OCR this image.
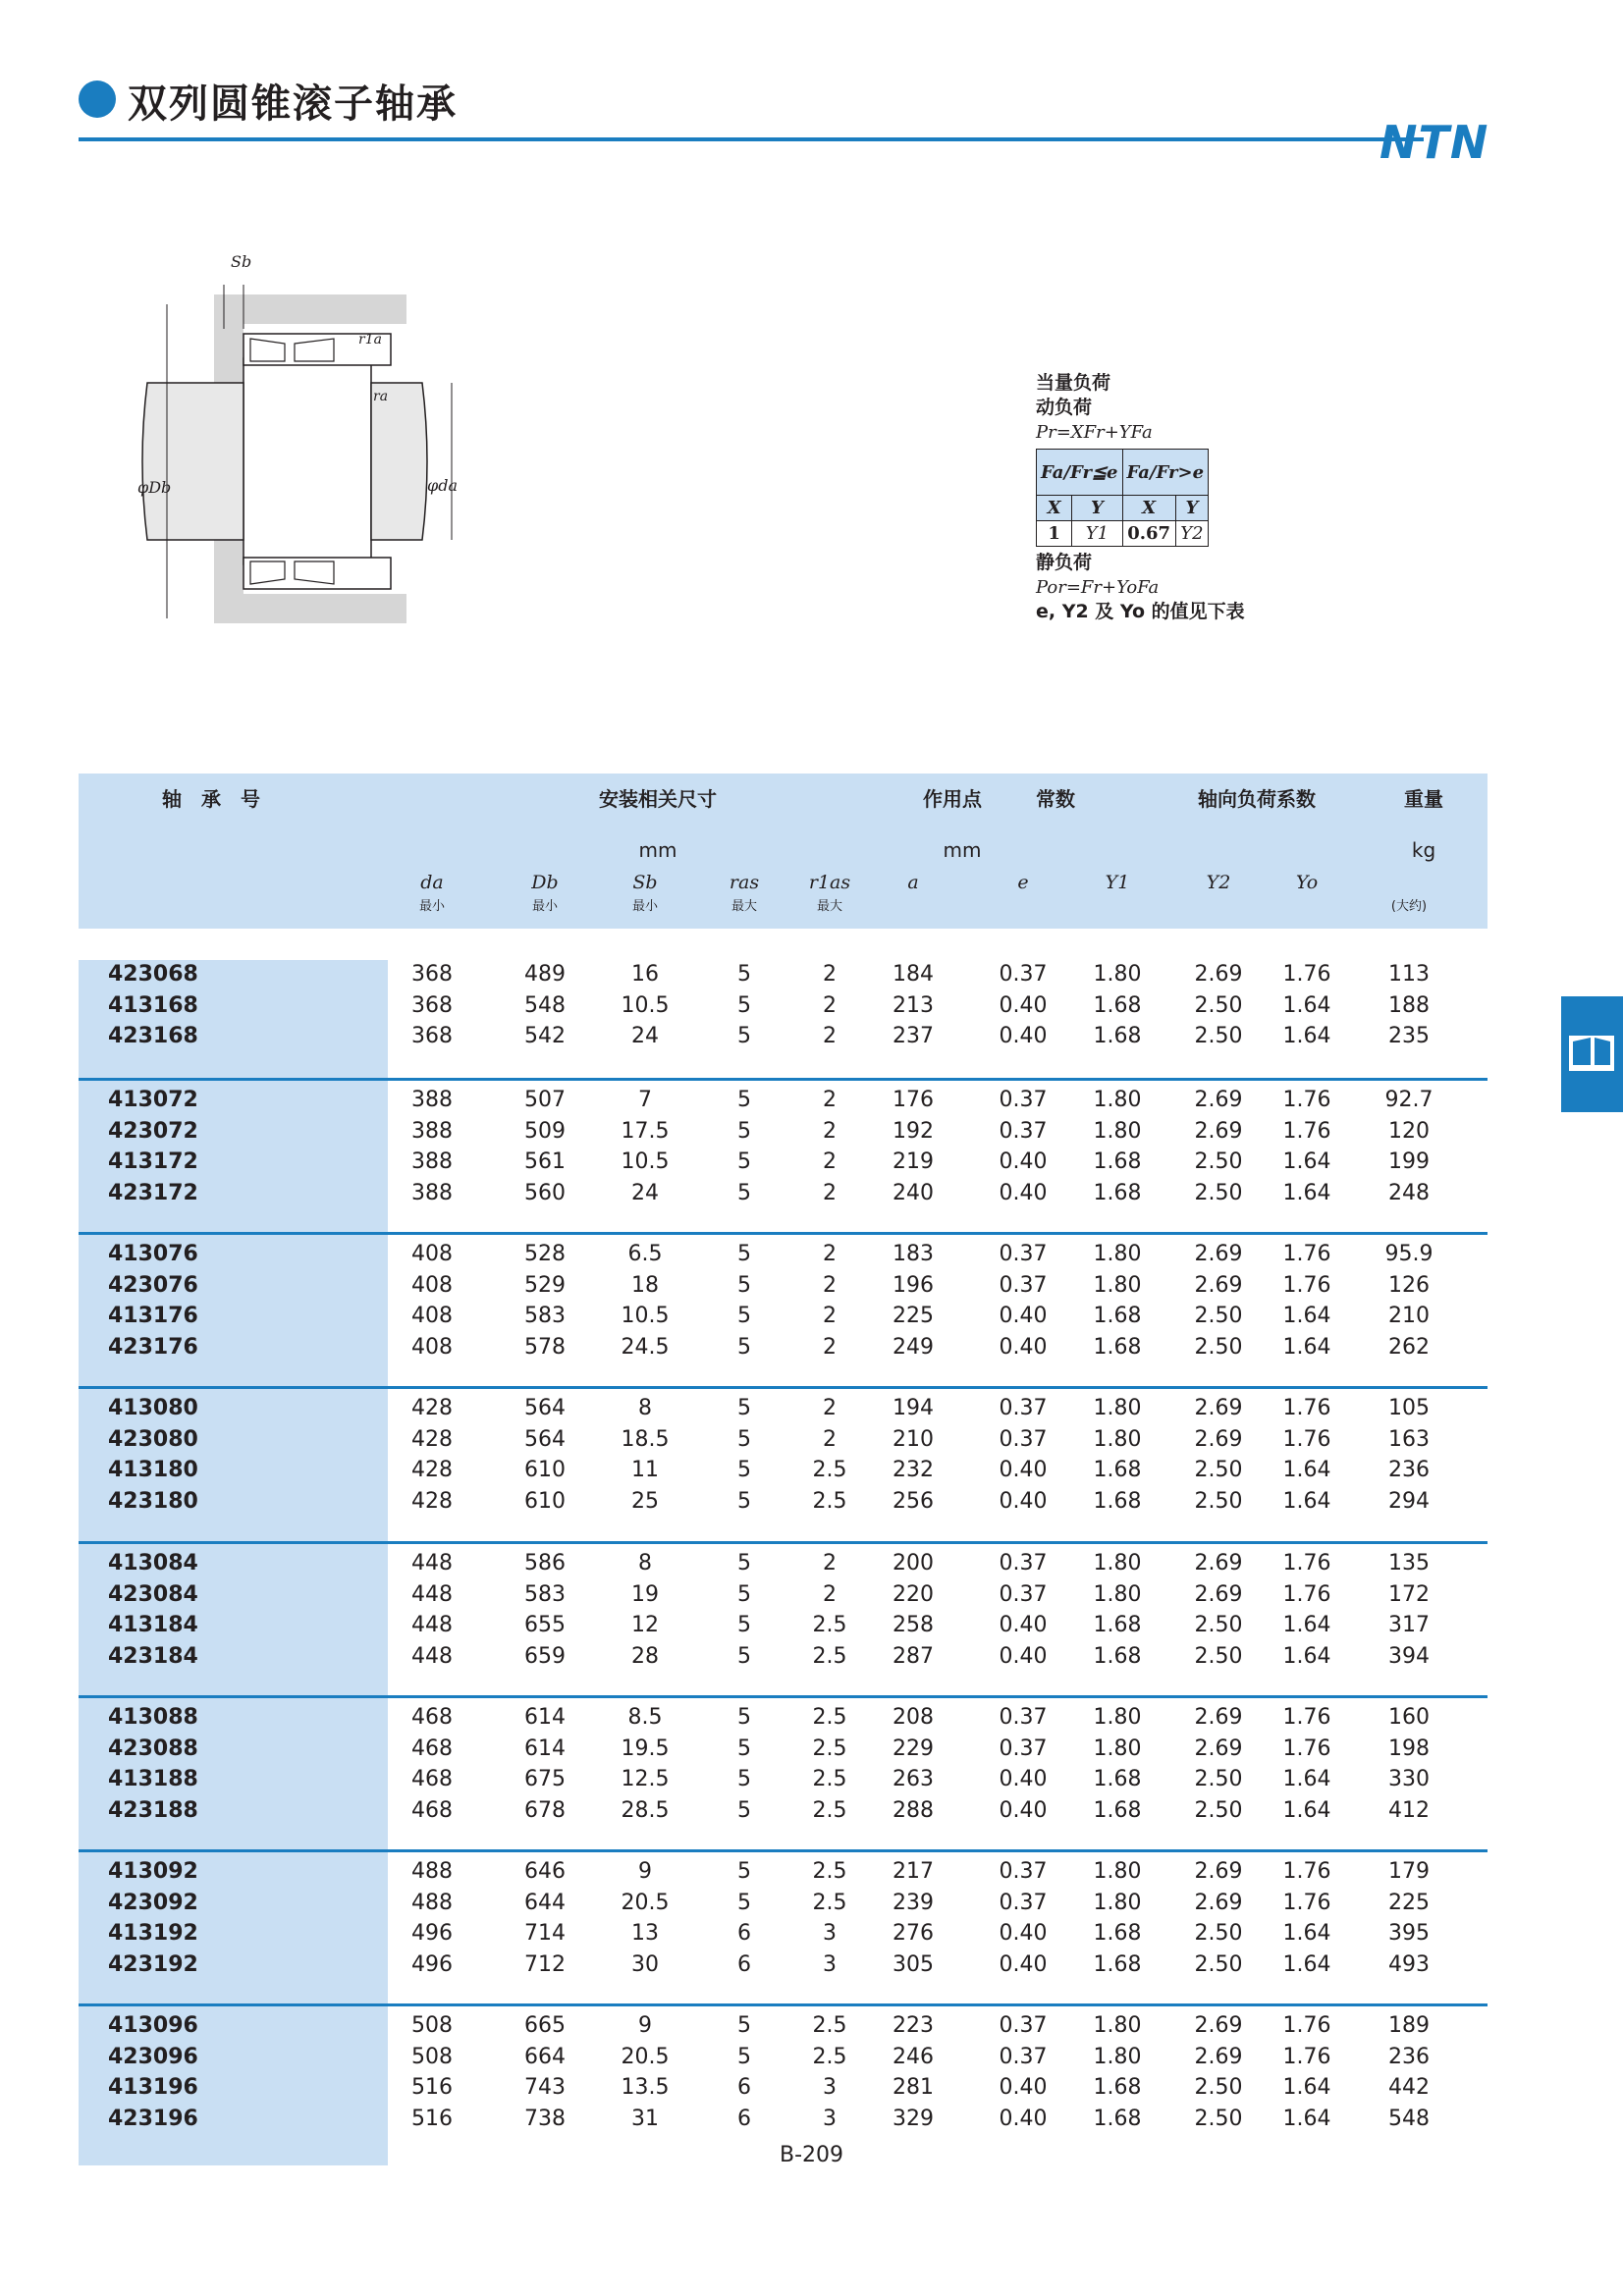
双列圆锥滚子轴承
NTN
Sb
r1a
ra
φDb	φda
当量负荷
动负荷
Pr=XFr+YFa
Fa/Fr≦e		Fa/Fr>e	
X	Y	X	Y
1	Y1	0.67	Y2
静负荷
Por=Fr+YoFa
e, Y2 及 Yo 的值见下表
轴　承　号	安装相关尺寸	作用点	常数	轴向负荷系数	重量
mm	mm	kg
da
最小
Db
最小
Sb
最小
ras
最大
r1as
最大
a	e	Y1	Y2	Yo
(大约)
423068	368	489	16	5	2	184	0.37	1.80	2.69	1.76	113
413168	368	548	10.5	5	2	213	0.40	1.68	2.50	1.64	188
423168	368	542	24	5	2	237	0.40	1.68	2.50	1.64	235
413072	388	507	7	5	2	176	0.37	1.80	2.69	1.76	92.7
423072	388	509	17.5	5	2	192	0.37	1.80	2.69	1.76	120
413172	388	561	10.5	5	2	219	0.40	1.68	2.50	1.64	199
423172	388	560	24	5	2	240	0.40	1.68	2.50	1.64	248
413076	408	528	6.5	5	2	183	0.37	1.80	2.69	1.76	95.9
423076	408	529	18	5	2	196	0.37	1.80	2.69	1.76	126
413176	408	583	10.5	5	2	225	0.40	1.68	2.50	1.64	210
423176	408	578	24.5	5	2	249	0.40	1.68	2.50	1.64	262
413080	428	564	8	5	2	194	0.37	1.80	2.69	1.76	105
423080	428	564	18.5	5	2	210	0.37	1.80	2.69	1.76	163
413180	428	610	11	5	2.5	232	0.40	1.68	2.50	1.64	236
423180	428	610	25	5	2.5	256	0.40	1.68	2.50	1.64	294
413084	448	586	8	5	2	200	0.37	1.80	2.69	1.76	135
423084	448	583	19	5	2	220	0.37	1.80	2.69	1.76	172
413184	448	655	12	5	2.5	258	0.40	1.68	2.50	1.64	317
423184	448	659	28	5	2.5	287	0.40	1.68	2.50	1.64	394
413088	468	614	8.5	5	2.5	208	0.37	1.80	2.69	1.76	160
423088	468	614	19.5	5	2.5	229	0.37	1.80	2.69	1.76	198
413188	468	675	12.5	5	2.5	263	0.40	1.68	2.50	1.64	330
423188	468	678	28.5	5	2.5	288	0.40	1.68	2.50	1.64	412
413092	488	646	9	5	2.5	217	0.37	1.80	2.69	1.76	179
423092	488	644	20.5	5	2.5	239	0.37	1.80	2.69	1.76	225
413192	496	714	13	6	3	276	0.40	1.68	2.50	1.64	395
423192	496	712	30	6	3	305	0.40	1.68	2.50	1.64	493
413096	508	665	9	5	2.5	223	0.37	1.80	2.69	1.76	189
423096	508	664	20.5	5	2.5	246	0.37	1.80	2.69	1.76	236
413196	516	743	13.5	6	3	281	0.40	1.68	2.50	1.64	442
423196	516	738	31	6	3	329	0.40	1.68	2.50	1.64	548
B-209
